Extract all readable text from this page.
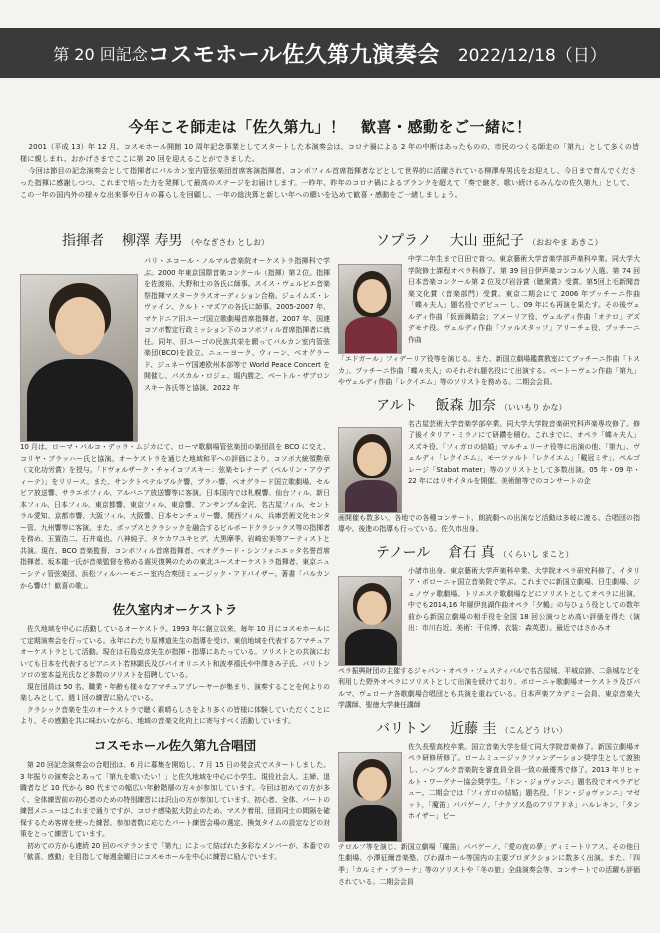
第 20 回記念 コスモホール佐久第九演奏会 2022/12/18（日）
今年こそ師走は「佐久第九」！　歓喜・感動をご一緒に！

2001（平成 13）年 12 月、コスモホール開館 10 周年記念事業としてスタートした本演奏会は、コロナ禍による 2 年の中断はあったものの、市民のつくる師走の「第九」として多くの皆様に親しまれ、おかげさまでここに第 20 回を迎えることができました。

今回は節目の記念演奏会として指揮者にパルカン室内管弦楽団首席客演指揮者、コンボフィル首席指揮者などとして世界的に活躍されている柳澤寿男氏をお迎えし、今日まで育んでくださった指揮に感謝しつつ、これまで培った力を発揮して最高のステージをお届けします。一昨年、昨年のコロナ禍によるブランクを超えて「奏で継ぎ、歌い続けるみんなの佐久第九」として、この一年の国内外の様々な出来事や日々の暮らしを回顧し、一年の総決算と新しい年への願いを込めて歓喜・感動をご一緒しましょう。

指揮者 柳澤 寿男 （やなぎさわ としお）
パリ・エコール・ノルマル音楽院オーケストラ指揮科で学ぶ。2000 年東京国際音楽コンクール（指揮）第２位。指揮を佐渡裕、大野和士の各氏に師事。スイス・ヴェルビエ音楽祭指揮マスタークラスオーディション合格。ジェイムズ・レヴァイン、クルト・マズアの各氏に師事。2005-2007 年、マケドニア旧ユーゴ国立歌劇場首席指揮者。2007 年、国連コソボ暫定行政ミッション下のコソボフィル首席指揮者に就任。同年、旧ユーゴの民族共栄を願ってバルカン室内管弦楽団(BCO)を設立。ニューヨーク、ウィーン、ベオグラード、ジュネーヴ国連欧州本部等で World Peace Concert を開催し、パスカル・ロジェ、堀内勝之、ベートル・ザブロンスキー各氏等と協演。2022 年
10 月は、ローマ・パルコ・デッラ・ムジカにて、ローマ歌劇場管弦楽団の楽団員を BCO に交え、コリヤ・ブラッハー氏と協演。オーケストラを通じた地域和平への評価により、コソボ大統領勲章（文化功労賞）を授与。「ドヴォルザーク・チャイコフスキー：弦楽セレナーデ（ベルリン・アウディーテ）」をリリース。また、サンクトペテルブルク響、プラハ響、ベオグラード国立歌劇場、セルビア放送響、サラエボフィル、アルバニア放送響等に客演。日本国内では札幌響、仙台フィル、新日本フィル、日本フィル、東京都響、東京フィル、東京響、アンサンブル金沢、名古屋フィル、セントラル愛知、京都市響、大阪フィル、大阪響、日本センチュリー響、関西フィル、兵庫芸術文化センター管、九州響等に客演。また、ポップスとクラシックを融合するビルボードクラシックス等の指揮者を務め、玉置浩二、石井竜也、八神純子、タケカワユキヒデ、大黒摩季、岩崎宏美等アーティストと共演。現在、BCO 音楽監督、コンボフィル首席指揮者、ベオグラード・シンフォニエッタ名誉首席指揮者、坂本龍一氏が音楽監督を務める震災復興のための東北ユースオーケストラ指揮者、東京ニューシティ管弦楽団、浜松フィルハーモニー室内合奏団ミュージック・アドバイザー。著書「バルカンから響け！歓喜の歌」。
佐久室内オーケストラ

佐久地域を中心に活動しているオーケストラ。1993 年に創立以来、毎年 10 月にコスモホールにて定期演奏会を行っている。永年にわたり原博道先生の指導を受け、東信地域を代表するアマチュアオーケストラとして活動。現在は石島克彦先生が指揮・指導にあたっている。ソリストとの共演においても日本を代表するピアニスト若林顕氏及びバイオリニスト和波孝禧氏や中澤きみ子氏、バリトンソロの室本益光氏など多数のソリストを招聘している。

現在団員は 50 名。職業・年齢も様々なアマチュアプレーヤーが集まり、演奏することを何よりの楽しみとして、週１回の練習に励んでいる。

クラシック音楽を生のオーケストラで聴く素晴らしさをより多くの皆様に体験していただくことにより、その感動を共に味わいながら、地域の音楽文化向上に寄与すべく活動しています。

コスモホール佐久第九合唱団

第 20 回記念演奏会の合唱団は、6 月に募集を開始し、7 月 15 日の発会式でスタートしました。3 年振りの演奏会とあって「第九を歌いたい！」と佐久地域を中心に小学生、現役社会人、主婦、退職者など 10 代から 80 代までの幅広い年齢階層の方々が参加しています。今回は初めての方が多く、全体練習前の初心者のための特別練習には沢山の方が参加しています。初心者、全体、パートの練習メニューはこれまで通りですが、コロナ感染拡大防止のため、マスク着用、団員同士の間隔を確保するため客席を使った練習、参加者数に応じたパート練習会場の選定、換気タイムの設定などの対策をとって練習しています。

初めての方から連続 20 回のベテランまで「第九」によって結ばれた多彩なメンバーが、本番での「歓喜、感動」を目指して毎週金曜日にコスモホールを中心に練習に励んでいます。

ソプラノ 大山 亜紀子 （おおやま あきこ）
中学二年生まで日田で育つ。東京藝術大学音楽学部声楽科卒業。同大学大学院修士課程オペラ科修了。第 39 回日伊声楽コンコルソ入選。第 74 回日本音楽コンクール第 2 位及び岩谷賞（聴衆賞）受賞。第5回上毛新聞音楽文化賞（音楽部門）受賞。東京二期会にて 2006 年プッチーニ作曲「蝶々夫人」題名役でデビュー し、09 年にも再演を果たす。その後ヴェルディ作曲「仮面舞踏会」アメーリア役、ヴェルディ作曲「オテロ」デズデモナ役、ヴェルディ作曲「ファルスタッフ」アリーチェ役、プッチーニ作曲
「エドガール」フィデーリア役等を演じる。また、新国立劇場鑑賞教室にてプッチーニ作曲「トスカ」、プッチーニ作曲「蝶々夫人」のそれぞれ題名役にて出演する。ベートーヴェン作曲「第九」やヴェルディ作曲「レクイエム」等のソリストを務める。二期会会員。
アルト 飯森 加奈 （いいもり かな）
名古屋芸術大学音楽学部卒業。同大学大学院音楽研究科声楽専攻修了。修了後イタリア・ミラノにて研鑽を積む。これまでに、オペラ「蝶々夫人」スズキ役、「フィガロの結婚」マルチェリーナ役等に出演の他、「第九」、ヴェルディ「レクイエム」、モーツァルト「レクイエム」「戴冠ミサ」、ペルゴレージ「Stabat mater」等のソリストとして多数出演。05 年・09 年・22 年にはリサイタルを開催。美術館等でのコンサートの企
画開催も数多い。各地での各種コンサート、朗読劇への出演など活動は多岐に渡る。合唱団の指導や、後進の指導も行っている。佐久市出身。
テノール 倉石 真 （くらいし まこと）
小諸市出身。東京藝術大学声楽科卒業、大学院オペラ研究科修了。イタリア・ボローニャ国立音楽院で学ぶ。これまでに新国立劇場、日生劇場、ジェノヴァ歌劇場、トリエステ歌劇場などにソリストとしてオペラに出演、中でも2014,16 年層伊良湖作曲オペラ「夕鶴」の与ひょう役としての数年前から新国立劇場の相手役を全国 18 回公演つとめ高い評価を得た（演出：市川右近、美術：千住博、衣装：森英恵）。最近ではさかみオ
ペラ振興財団の主催するジャパン・オペラ・フェスティバルで名古屋城、平城京跡、二条城などを利用した野外オペラにソリストとして出演を続けており、ボローニャ歌劇場オーケストラ及びパルマ、ヴェローナ各歌劇場合唱団とも共演を重ねている。日本声楽アカデミー会員、東京音楽大学講師、聖徳大学兼任講師
バリトン 近藤 圭 （こんどう けい）
佐久長聖高校卒業。国立音楽大学を経て同大学院音楽修了。新国立劇場オペラ研修所修了。ロームミュージックファンデーション奨学生として渡独し、ハンブルク音楽院を審査員全員一致の最優秀で修了。2013 年リヒャルト・ワーグナー協会奨学生。「ドン・ジョヴァンニ」題名役でオペラデビュー。二期会では「フィガロの結婚」題名役、「ドン・ジョヴァンニ」マゼット、「魔笛」パパゲーノ、「ナクソス島のアリアドネ」ハルレキン、「タンホイザー」ビー
テロルフ等を演じ、新国立劇場「魔笛」パパゲーノ、「愛の夜の夢」ディミートリアス、その他日生劇場、小澤征爾音楽塾、びわ湖ホール等国内の主要プロダクションに数多く出演。また、「四季」「カルミナ・ブラーナ」等のソリストや「冬の旅」全曲演奏会等、コンサートでの活躍も評価されている。二期会会員
